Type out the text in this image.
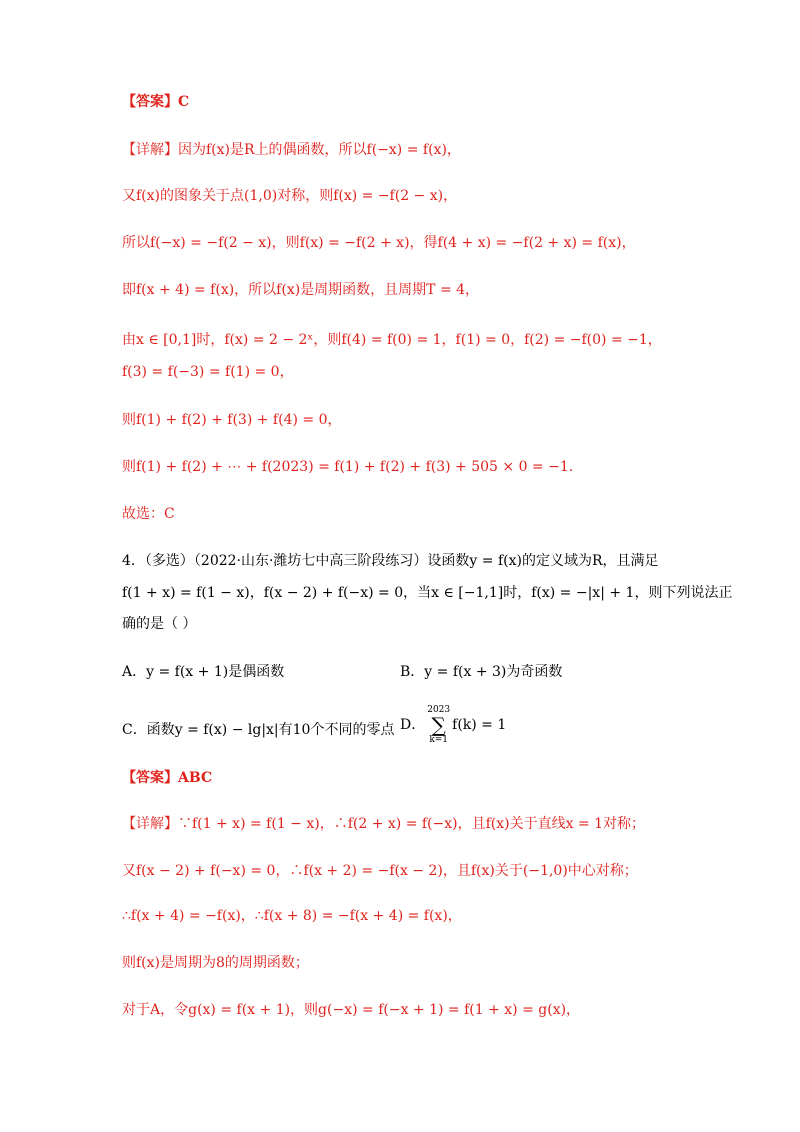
【答案】C
【详解】因为f(x)是R上的偶函数，所以f(−x) = f(x)，
又f(x)的图象关于点(1,0)对称，则f(x) = −f(2 − x)，
所以f(−x) = −f(2 − x)，则f(x) = −f(2 + x)，得f(4 + x) = −f(2 + x) = f(x)，
即f(x + 4) = f(x)，所以f(x)是周期函数，且周期T = 4，
由x ∈ [0,1]时，f(x) = 2 − 2ˣ，则f(4) = f(0) = 1，f(1) = 0，f(2) = −f(0) = −1，
f(3) = f(−3) = f(1) = 0，
则f(1) + f(2) + f(3) + f(4) = 0，
则f(1) + f(2) + ⋯ + f(2023) = f(1) + f(2) + f(3) + 505 × 0 = −1.
故选：C
4．（多选）（2022·山东·潍坊七中高三阶段练习）设函数y = f(x)的定义域为R，且满足
f(1 + x) = f(1 − x)，f(x − 2) + f(−x) = 0，当x ∈ [−1,1]时，f(x) = −|x| + 1，则下列说法正
确的是（ ）
A．y = f(x + 1)是偶函数	B．y = f(x + 3)为奇函数
C．函数y = f(x) − lg|x|有10个不同的零点 D．
2023
∑
k=1
f(k) = 1
【答案】ABC
【详解】∵f(1 + x) = f(1 − x)，∴f(2 + x) = f(−x)，且f(x)关于直线x = 1对称；
又f(x − 2) + f(−x) = 0，∴f(x + 2) = −f(x − 2)，且f(x)关于(−1,0)中心对称；
∴f(x + 4) = −f(x)，∴f(x + 8) = −f(x + 4) = f(x)，
则f(x)是周期为8的周期函数；
对于A，令g(x) = f(x + 1)，则g(−x) = f(−x + 1) = f(1 + x) = g(x)，
